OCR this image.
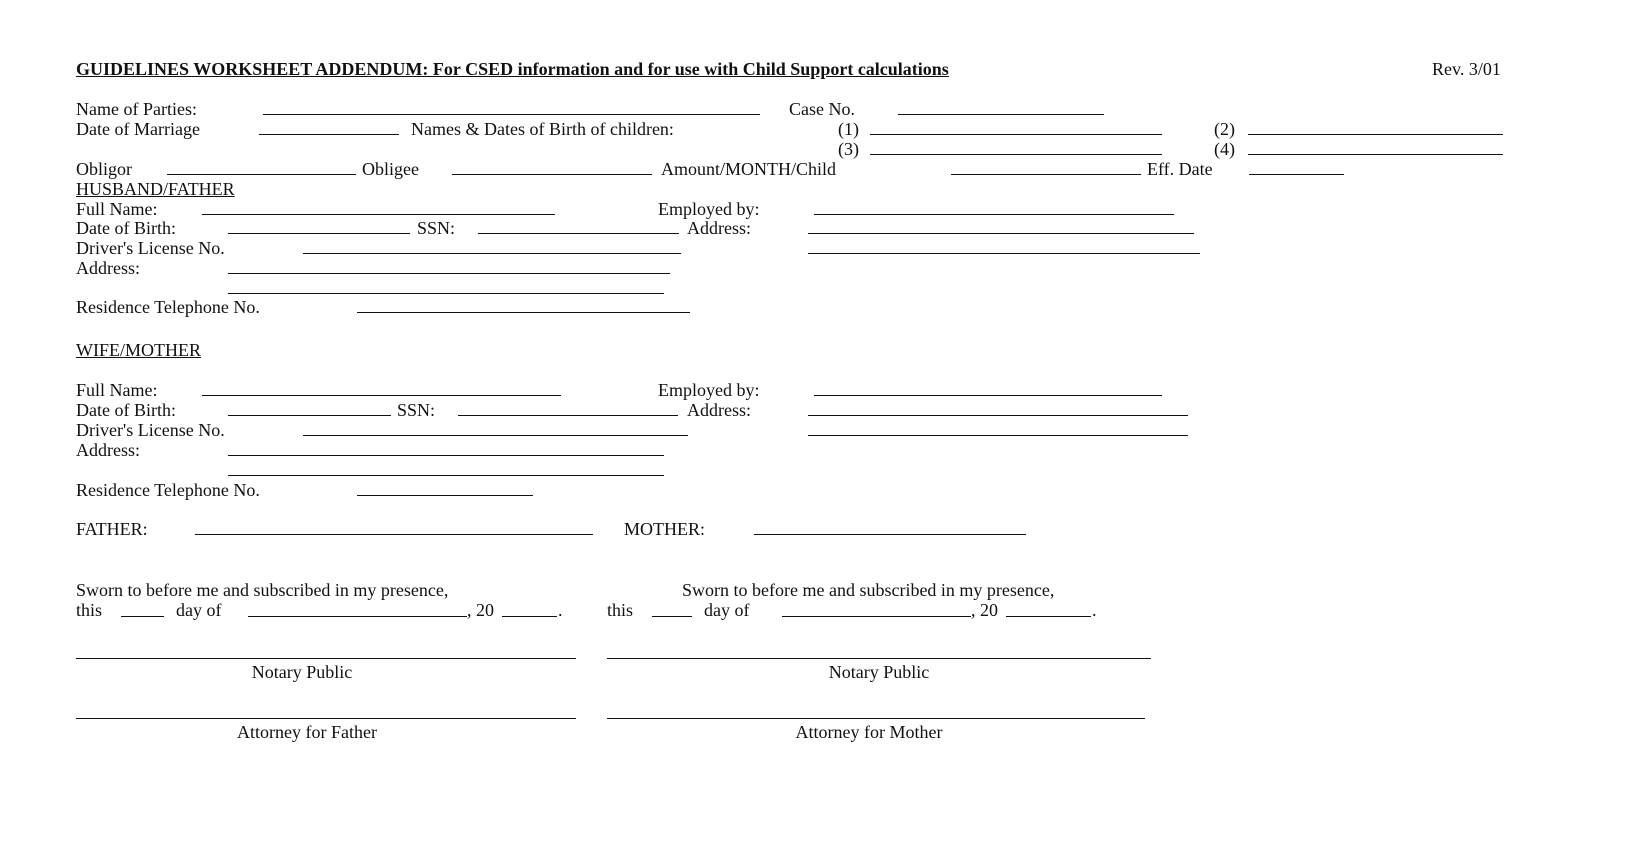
GUIDELINES WORKSHEET ADDENDUM: For CSED information and for use with Child Support calculations	Rev. 3/01
Name of Parties:	Case No.
Date of Marriage	Names & Dates of Birth of children:	(1)	(2)
(3)	(4)
Obligor	Obligee	Amount/MONTH/Child	Eff. Date
HUSBAND/FATHER
Full Name:	Employed by:
Date of Birth:	SSN:	Address:
Driver's License No.
Address:
Residence Telephone No.
WIFE/MOTHER
Full Name:	Employed by:
Date of Birth:	SSN:	Address:
Driver's License No.
Address:
Residence Telephone No.
FATHER:	MOTHER:
Sworn to before me and subscribed in my presence,	Sworn to before me and subscribed in my presence,
this	day of	, 20	. this	day of	, 20	.
Notary Public	Notary Public
Attorney for Father	Attorney for Mother
